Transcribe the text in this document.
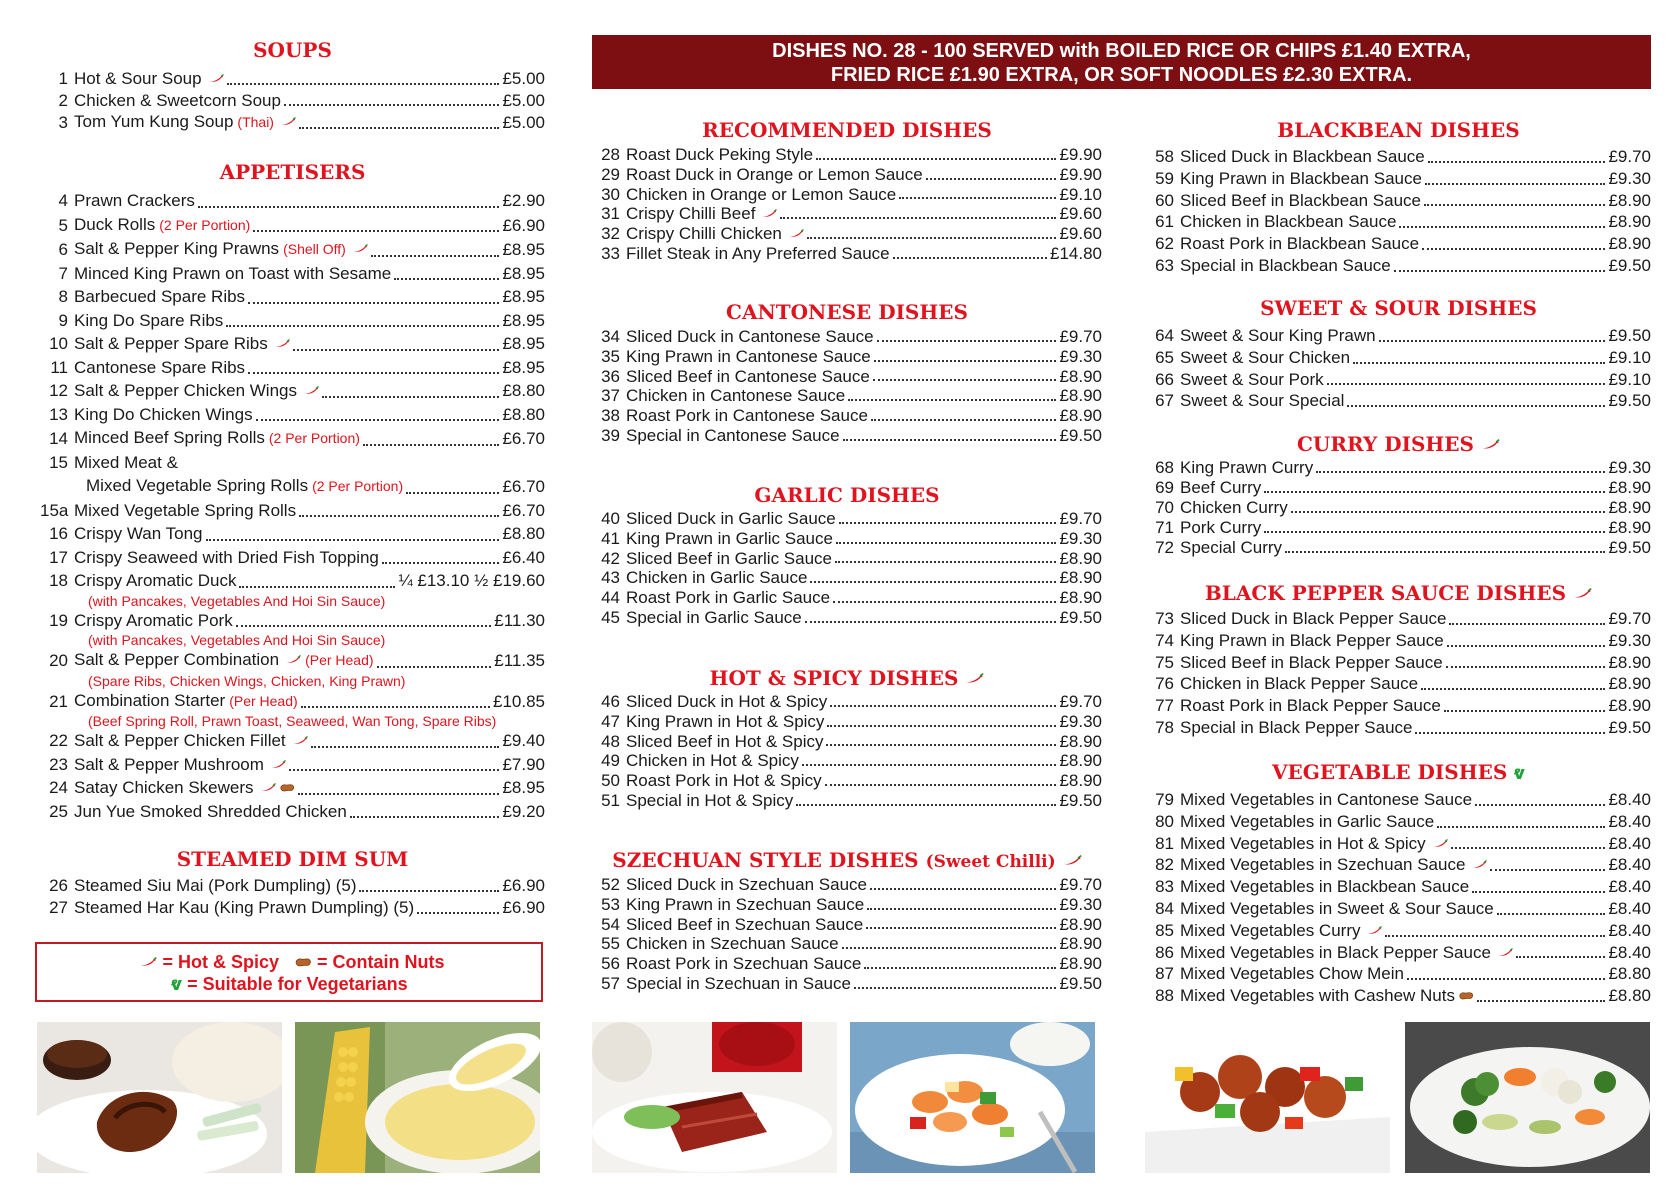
SOUPS
1 Hot & Sour Soup	£5.00
2 Chicken & Sweetcorn Soup	£5.00
3 Tom Yum Kung Soup (Thai)	£5.00
APPETISERS
4 Prawn Crackers	£2.90
5 Duck Rolls (2 Per Portion)	£6.90
6 Salt & Pepper King Prawns (Shell Off)	£8.95
7 Minced King Prawn on Toast with Sesame	£8.95
8 Barbecued Spare Ribs	£8.95
9 King Do Spare Ribs	£8.95
10 Salt & Pepper Spare Ribs	£8.95
11 Cantonese Spare Ribs	£8.95
12 Salt & Pepper Chicken Wings	£8.80
13 King Do Chicken Wings	£8.80
14 Minced Beef Spring Rolls (2 Per Portion)	£6.70
15 Mixed Meat &
Mixed Vegetable Spring Rolls (2 Per Portion)	£6.70
15a Mixed Vegetable Spring Rolls	£6.70
16 Crispy Wan Tong	£8.80
17 Crispy Seaweed with Dried Fish Topping	£6.40
18 Crispy Aromatic Duck	¼ £13.10 ½ £19.60
(with Pancakes, Vegetables And Hoi Sin Sauce)
19 Crispy Aromatic Pork	£11.30
(with Pancakes, Vegetables And Hoi Sin Sauce)
20 Salt & Pepper Combination (Per Head)	£11.35
(Spare Ribs, Chicken Wings, Chicken, King Prawn)
21 Combination Starter (Per Head)	£10.85
(Beef Spring Roll, Prawn Toast, Seaweed, Wan Tong, Spare Ribs)
22 Salt & Pepper Chicken Fillet	£9.40
23 Salt & Pepper Mushroom	£7.90
24 Satay Chicken Skewers	£8.95
25 Jun Yue Smoked Shredded Chicken	£9.20
STEAMED DIM SUM
26 Steamed Siu Mai (Pork Dumpling) (5)	£6.90
27 Steamed Har Kau (King Prawn Dumpling) (5)	£6.90
= Hot & Spicy = Contain Nuts
ⱴ = Suitable for Vegetarians
DISHES NO. 28 - 100 SERVED with BOILED RICE OR CHIPS £1.40 EXTRA,
FRIED RICE £1.90 EXTRA, OR SOFT NOODLES £2.30 EXTRA.
RECOMMENDED DISHES
28 Roast Duck Peking Style	£9.90
29 Roast Duck in Orange or Lemon Sauce	£9.90
30 Chicken in Orange or Lemon Sauce	£9.10
31 Crispy Chilli Beef	£9.60
32 Crispy Chilli Chicken	£9.60
33 Fillet Steak in Any Preferred Sauce	£14.80
CANTONESE DISHES
34 Sliced Duck in Cantonese Sauce	£9.70
35 King Prawn in Cantonese Sauce	£9.30
36 Sliced Beef in Cantonese Sauce	£8.90
37 Chicken in Cantonese Sauce	£8.90
38 Roast Pork in Cantonese Sauce	£8.90
39 Special in Cantonese Sauce	£9.50
GARLIC DISHES
40 Sliced Duck in Garlic Sauce	£9.70
41 King Prawn in Garlic Sauce	£9.30
42 Sliced Beef in Garlic Sauce	£8.90
43 Chicken in Garlic Sauce	£8.90
44 Roast Pork in Garlic Sauce	£8.90
45 Special in Garlic Sauce	£9.50
HOT & SPICY DISHES
46 Sliced Duck in Hot & Spicy	£9.70
47 King Prawn in Hot & Spicy	£9.30
48 Sliced Beef in Hot & Spicy	£8.90
49 Chicken in Hot & Spicy	£8.90
50 Roast Pork in Hot & Spicy	£8.90
51 Special in Hot & Spicy	£9.50
SZECHUAN STYLE DISHES (Sweet Chilli)
52 Sliced Duck in Szechuan Sauce	£9.70
53 King Prawn in Szechuan Sauce	£9.30
54 Sliced Beef in Szechuan Sauce	£8.90
55 Chicken in Szechuan Sauce	£8.90
56 Roast Pork in Szechuan Sauce	£8.90
57 Special in Szechuan in Sauce	£9.50
BLACKBEAN DISHES
58 Sliced Duck in Blackbean Sauce	£9.70
59 King Prawn in Blackbean Sauce	£9.30
60 Sliced Beef in Blackbean Sauce	£8.90
61 Chicken in Blackbean Sauce	£8.90
62 Roast Pork in Blackbean Sauce	£8.90
63 Special in Blackbean Sauce	£9.50
SWEET & SOUR DISHES
64 Sweet & Sour King Prawn	£9.50
65 Sweet & Sour Chicken	£9.10
66 Sweet & Sour Pork	£9.10
67 Sweet & Sour Special	£9.50
CURRY DISHES
68 King Prawn Curry	£9.30
69 Beef Curry	£8.90
70 Chicken Curry	£8.90
71 Pork Curry	£8.90
72 Special Curry	£9.50
BLACK PEPPER SAUCE DISHES
73 Sliced Duck in Black Pepper Sauce	£9.70
74 King Prawn in Black Pepper Sauce	£9.30
75 Sliced Beef in Black Pepper Sauce	£8.90
76 Chicken in Black Pepper Sauce	£8.90
77 Roast Pork in Black Pepper Sauce	£8.90
78 Special in Black Pepper Sauce	£9.50
VEGETABLE DISHES ⱴ
79 Mixed Vegetables in Cantonese Sauce	£8.40
80 Mixed Vegetables in Garlic Sauce	£8.40
81 Mixed Vegetables in Hot & Spicy	£8.40
82 Mixed Vegetables in Szechuan Sauce	£8.40
83 Mixed Vegetables in Blackbean Sauce	£8.40
84 Mixed Vegetables in Sweet & Sour Sauce	£8.40
85 Mixed Vegetables Curry	£8.40
86 Mixed Vegetables in Black Pepper Sauce	£8.40
87 Mixed Vegetables Chow Mein	£8.80
88 Mixed Vegetables with Cashew Nuts	£8.80
